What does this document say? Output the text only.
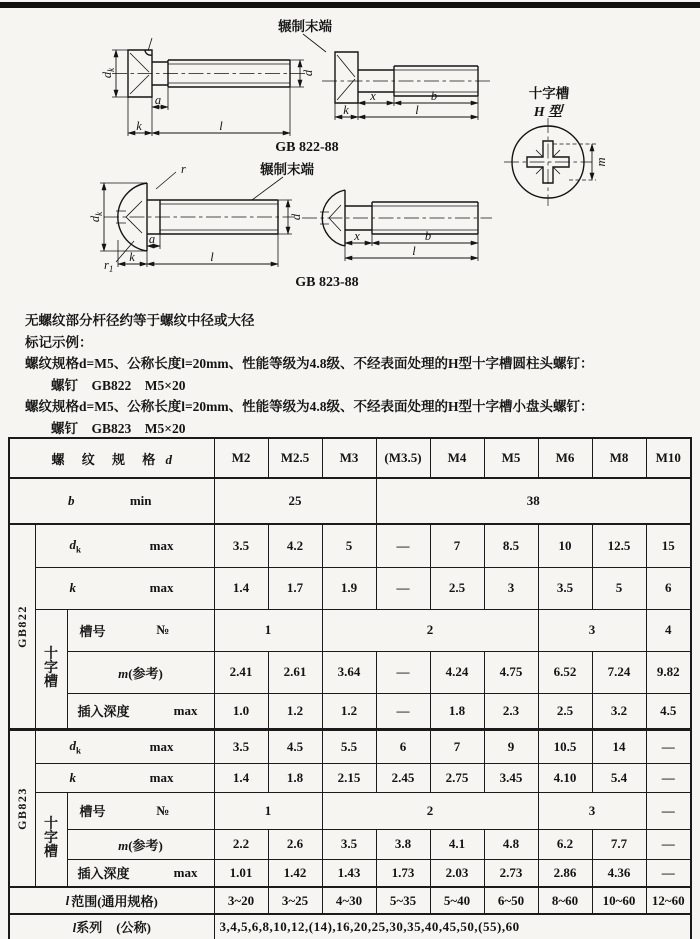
$d_k$
a
k	l
d
辗制末端
GB 822-88
x	b
k	l
十字槽
H 型
m
$d_k$
r
$r_1$
a
k	l
d
辗制末端
GB 823-88
x	b
l
无螺纹部分杆径约等于螺纹中径或大径
标记示例：
螺纹规格d=M5、公称长度l=20mm、性能等级为4.8级、不经表面处理的H型十字槽圆柱头螺钉：
螺钉　GB822　M5×20
螺纹规格d=M5、公称长度l=20mm、性能等级为4.8级、不经表面处理的H型十字槽小盘头螺钉：
螺钉　GB823　M5×20
螺 纹 规 格 d			M2	M2.5	M3	(M3.5)	M4	M5	M6	M8	M10

b min			25			38					

GB822	$d_k$ max		3.5	4.2	5	—	7	8.5	10	12.5	15

	k max		1.4	1.7	1.9	—	2.5	3	3.5	5	6

	十
字
槽	槽号 №	1		2				3		4
		m(参考)	2.41	2.61	3.64	—	4.24	4.75	6.52	7.24	9.82

		插入深度 max	1.0	1.2	1.2	—	1.8	2.3	2.5	3.2	4.5

GB823	$d_k$ max		3.5	4.5	5.5	6	7	9	10.5	14	—

	k max		1.4	1.8	2.15	2.45	2.75	3.45	4.10	5.4	—

	十
字
槽	槽号 №	1		2				3		—
		m(参考)	2.2	2.6	3.5	3.8	4.1	4.8	6.2	7.7	—

		插入深度 max	1.01	1.42	1.43	1.73	2.03	2.73	2.86	4.36	—

l 范围(通用规格)			3~20	3~25	4~30	5~35	5~40	6~50	8~60	10~60	12~60

l系列 (公称)			3,4,5,6,8,10,12,(14),16,20,25,30,35,40,45,50,(55),60								
